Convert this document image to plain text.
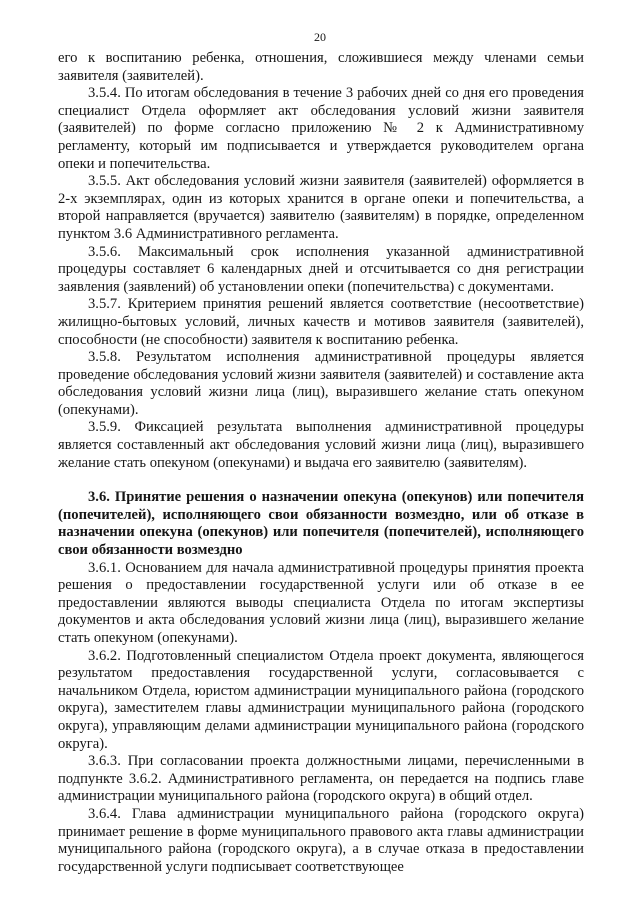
20

его к воспитанию ребенка, отношения, сложившиеся между членами семьи заявителя (заявителей).

3.5.4. По итогам обследования в течение 3 рабочих дней со дня его проведения специалист Отдела оформляет акт обследования условий жизни заявителя (заявителей) по форме согласно приложению № 2 к Административному регламенту, который им подписывается и утверждается руководителем органа опеки и попечительства.

3.5.5. Акт обследования условий жизни заявителя (заявителей) оформляется в 2-х экземплярах, один из которых хранится в органе опеки и попечительства, а второй направляется (вручается) заявителю (заявителям) в порядке, определенном пунктом 3.6 Административного регламента.

3.5.6. Максимальный срок исполнения указанной административной процедуры составляет 6 календарных дней и отсчитывается со дня регистрации заявления (заявлений) об установлении опеки (попечительства) с документами.

3.5.7. Критерием принятия решений является соответствие (несоответствие) жилищно-бытовых условий, личных качеств и мотивов заявителя (заявителей), способности (не способности) заявителя к воспитанию ребенка.

3.5.8. Результатом исполнения административной процедуры является проведение обследования условий жизни заявителя (заявителей) и составление акта обследования условий жизни лица (лиц), выразившего желание стать опекуном (опекунами).

3.5.9. Фиксацией результата выполнения административной процедуры является составленный акт обследования условий жизни лица (лиц), выразившего желание стать опекуном (опекунами) и выдача его заявителю (заявителям).

3.6. Принятие решения о назначении опекуна (опекунов) или попечителя (попечителей), исполняющего свои обязанности возмездно, или об отказе в назначении опекуна (опекунов) или попечителя (попечителей), исполняющего свои обязанности возмездно

3.6.1. Основанием для начала административной процедуры принятия проекта решения о предоставлении государственной услуги или об отказе в ее предоставлении являются выводы специалиста Отдела по итогам экспертизы документов и акта обследования условий жизни лица (лиц), выразившего желание стать опекуном (опекунами).

3.6.2. Подготовленный специалистом Отдела проект документа, являющегося результатом предоставления государственной услуги, согласовывается с начальником Отдела, юристом администрации муниципального района (городского округа), заместителем главы администрации муниципального района (городского округа), управляющим делами администрации муниципального района (городского округа).

3.6.3. При согласовании проекта должностными лицами, перечисленными в подпункте 3.6.2. Административного регламента, он передается на подпись главе администрации муниципального района (городского округа) в общий отдел.

3.6.4. Глава администрации муниципального района (городского округа) принимает решение в форме муниципального правового акта главы администрации муниципального района (городского округа), а в случае отказа в предоставлении государственной услуги подписывает соответствующее
